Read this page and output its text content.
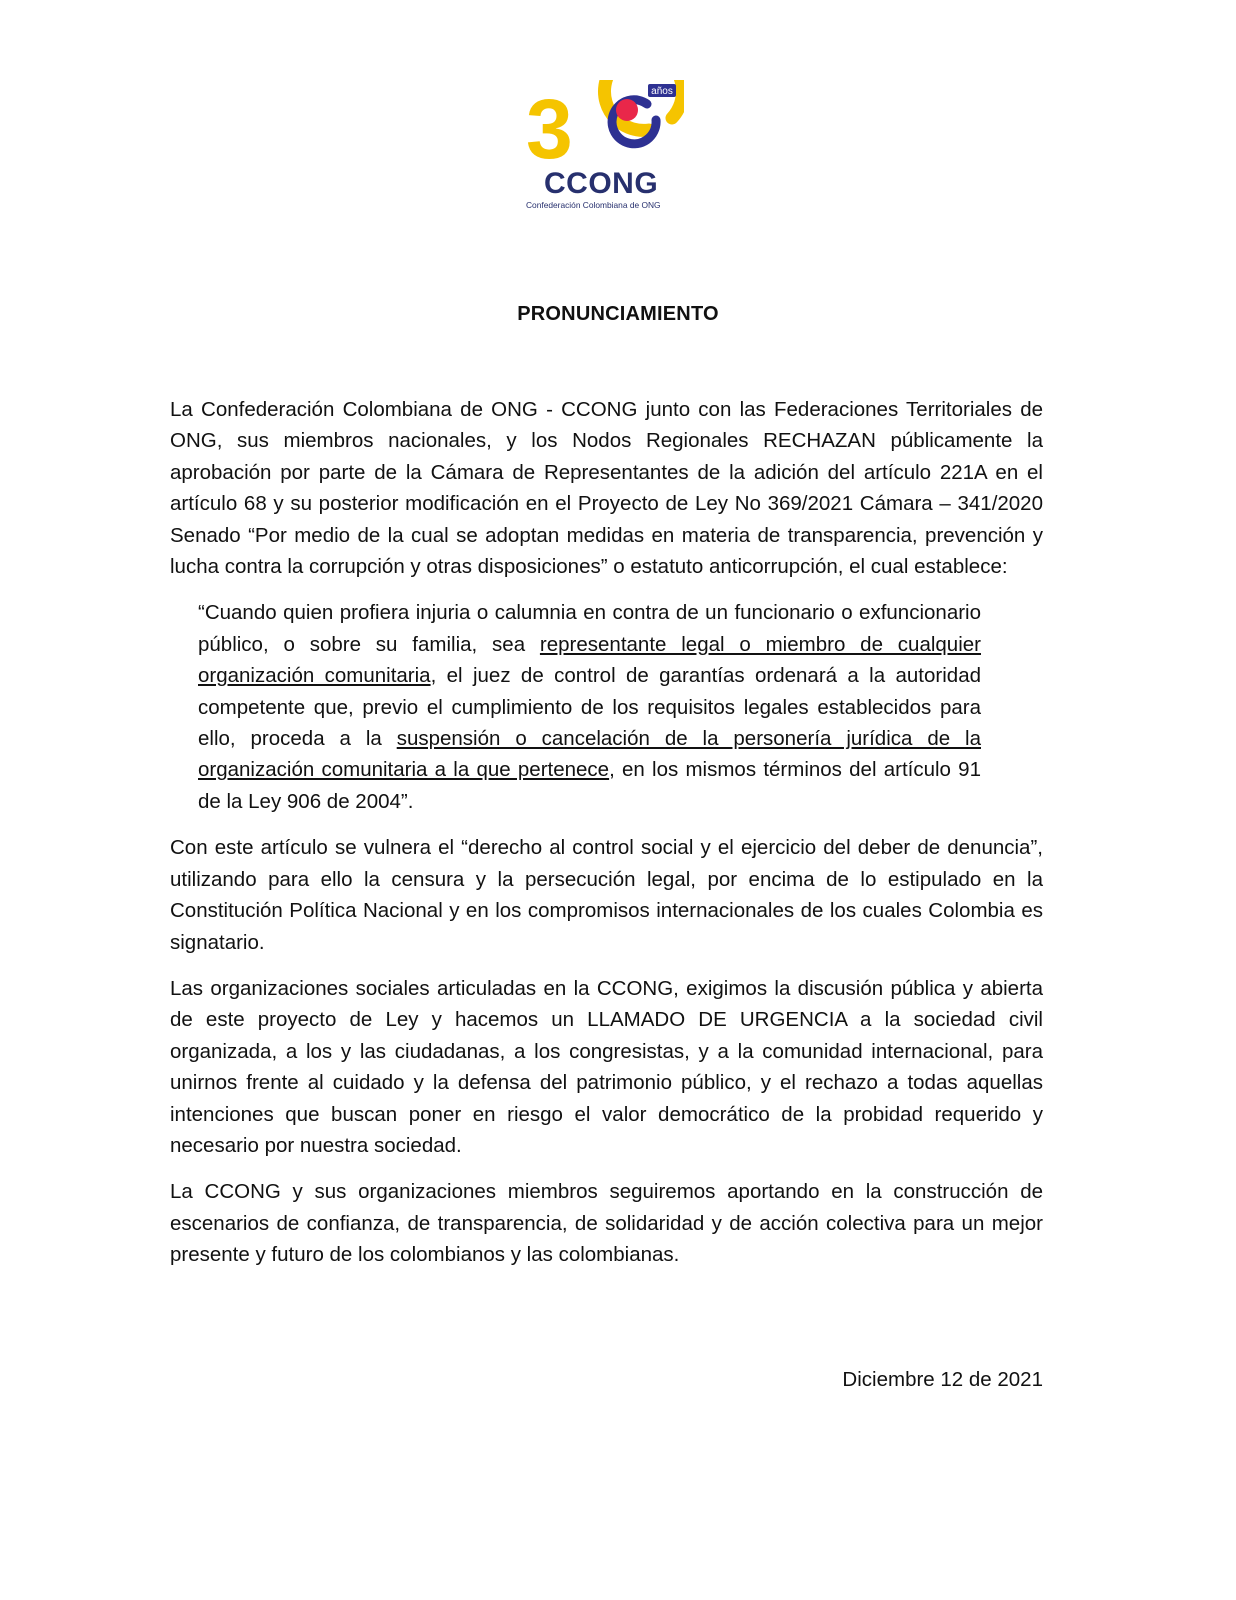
3	años
CCONG
Confederación Colombiana de ONG
PRONUNCIAMIENTO

La Confederación Colombiana de ONG - CCONG junto con las Federaciones Territoriales de ONG, sus miembros nacionales, y los Nodos Regionales RECHAZAN públicamente la aprobación por parte de la Cámara de Representantes de la adición del artículo 221A en el artículo 68 y su posterior modificación en el Proyecto de Ley No 369/2021 Cámara – 341/2020 Senado “Por medio de la cual se adoptan medidas en materia de transparencia, prevención y lucha contra la corrupción y otras disposiciones” o estatuto anticorrupción, el cual establece:

“Cuando quien profiera injuria o calumnia en contra de un funcionario o exfuncionario público, o sobre su familia, sea representante legal o miembro de cualquier organización comunitaria, el juez de control de garantías ordenará a la autoridad competente que, previo el cumplimiento de los requisitos legales establecidos para ello, proceda a la suspensión o cancelación de la personería jurídica de la organización comunitaria a la que pertenece, en los mismos términos del artículo 91 de la Ley 906 de 2004”.

Con este artículo se vulnera el “derecho al control social y el ejercicio del deber de denuncia”, utilizando para ello la censura y la persecución legal, por encima de lo estipulado en la Constitución Política Nacional y en los compromisos internacionales de los cuales Colombia es signatario.

Las organizaciones sociales articuladas en la CCONG, exigimos la discusión pública y abierta de este proyecto de Ley y hacemos un LLAMADO DE URGENCIA a la sociedad civil organizada, a los y las ciudadanas, a los congresistas, y a la comunidad internacional, para unirnos frente al cuidado y la defensa del patrimonio público, y el rechazo a todas aquellas intenciones que buscan poner en riesgo el valor democrático de la probidad requerido y necesario por nuestra sociedad.

La CCONG y sus organizaciones miembros seguiremos aportando en la construcción de escenarios de confianza, de transparencia, de solidaridad y de acción colectiva para un mejor presente y futuro de los colombianos y las colombianas.

Diciembre 12 de 2021
